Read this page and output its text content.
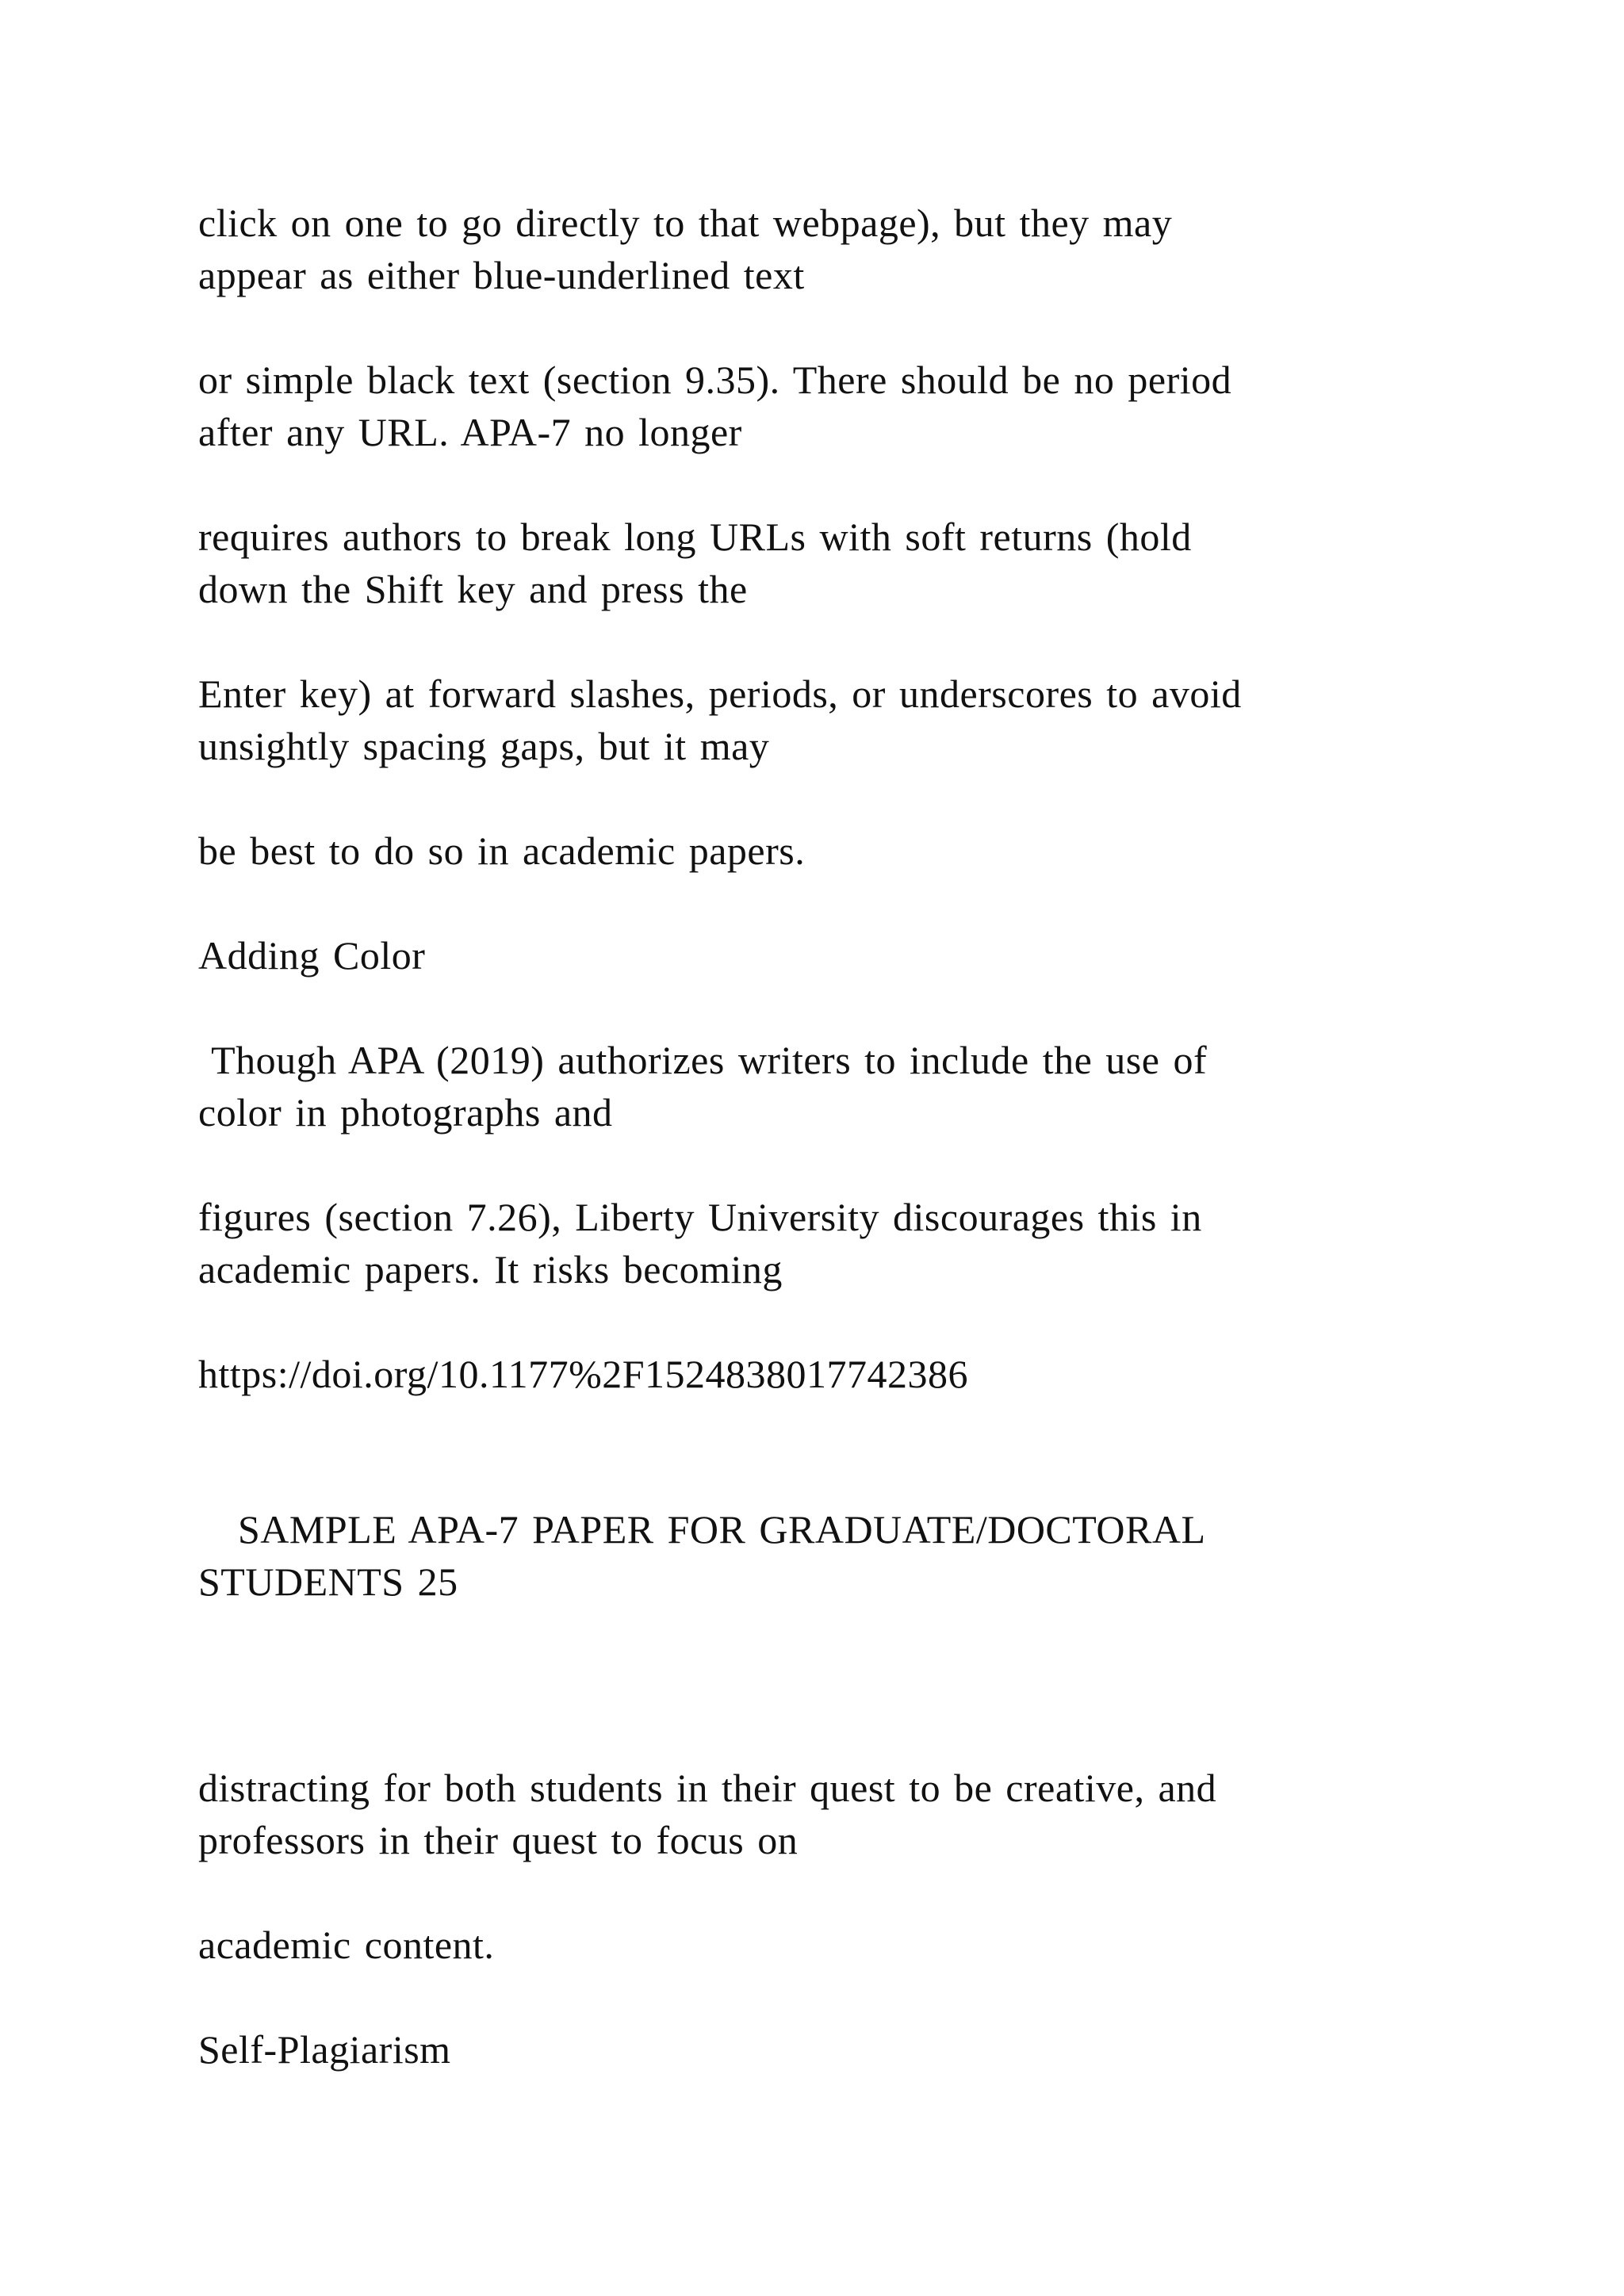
click on one to go directly to that webpage), but they may
appear as either blue-underlined text
or simple black text (section 9.35). There should be no period
after any URL. APA-7 no longer
requires authors to break long URLs with soft returns (hold
down the Shift key and press the
Enter key) at forward slashes, periods, or underscores to avoid
unsightly spacing gaps, but it may
be best to do so in academic papers.
Adding Color
Though APA (2019) authorizes writers to include the use of
color in photographs and
figures (section 7.26), Liberty University discourages this in
academic papers. It risks becoming
https://doi.org/10.1177%2F1524838017742386
SAMPLE APA-7 PAPER FOR GRADUATE/DOCTORAL
STUDENTS 25
distracting for both students in their quest to be creative, and
professors in their quest to focus on
academic content.
Self-Plagiarism
